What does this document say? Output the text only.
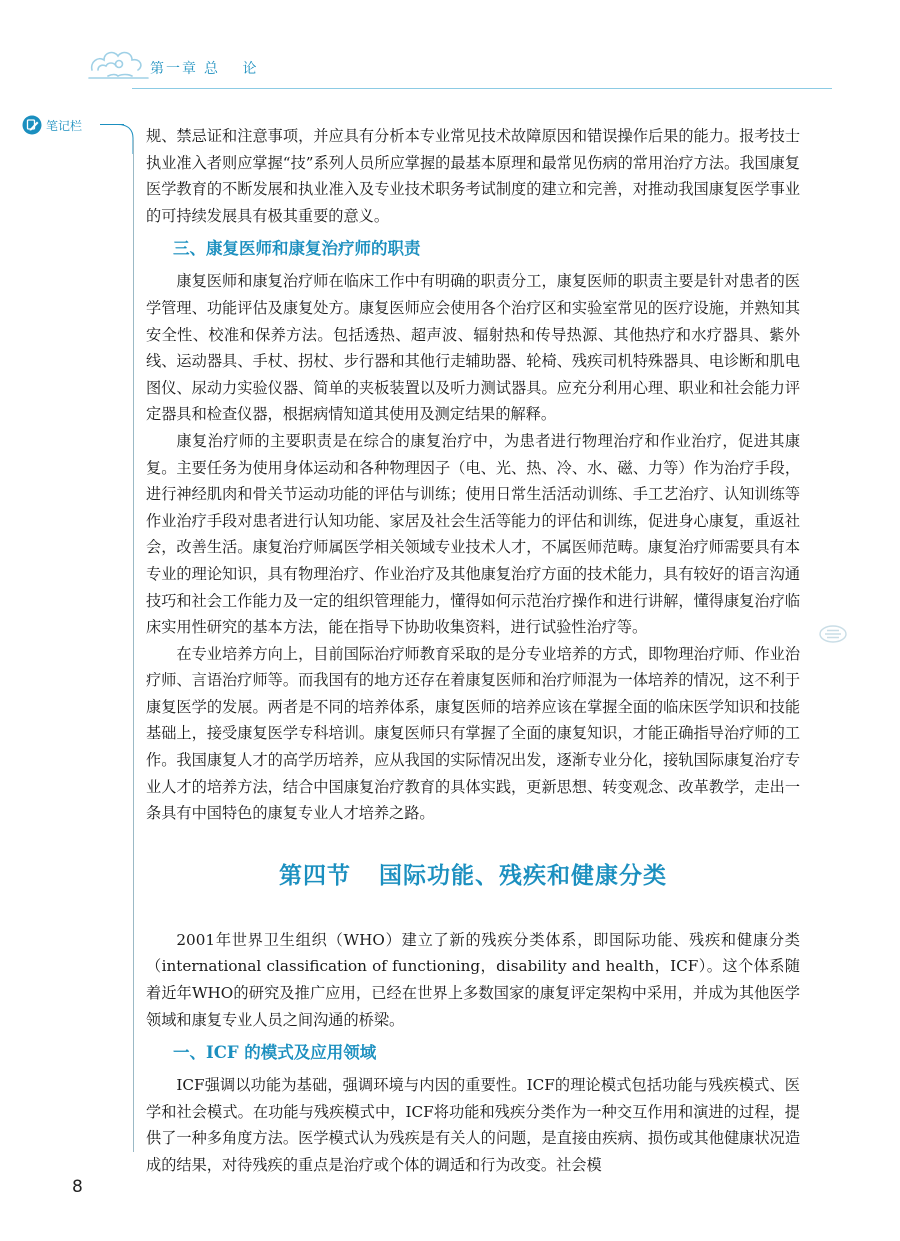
第一章 总 论
笔记栏

规、禁忌证和注意事项，并应具有分析本专业常见技术故障原因和错误操作后果的能力。报考技士执业准入者则应掌握“技”系列人员所应掌握的最基本原理和最常见伤病的常用治疗方法。我国康复医学教育的不断发展和执业准入及专业技术职务考试制度的建立和完善，对推动我国康复医学事业的可持续发展具有极其重要的意义。

三、康复医师和康复治疗师的职责

康复医师和康复治疗师在临床工作中有明确的职责分工，康复医师的职责主要是针对患者的医学管理、功能评估及康复处方。康复医师应会使用各个治疗区和实验室常见的医疗设施，并熟知其安全性、校准和保养方法。包括透热、超声波、辐射热和传导热源、其他热疗和水疗器具、紫外线、运动器具、手杖、拐杖、步行器和其他行走辅助器、轮椅、残疾司机特殊器具、电诊断和肌电图仪、尿动力实验仪器、简单的夹板装置以及听力测试器具。应充分利用心理、职业和社会能力评定器具和检查仪器，根据病情知道其使用及测定结果的解释。

康复治疗师的主要职责是在综合的康复治疗中，为患者进行物理治疗和作业治疗，促进其康复。主要任务为使用身体运动和各种物理因子（电、光、热、冷、水、磁、力等）作为治疗手段，进行神经肌肉和骨关节运动功能的评估与训练；使用日常生活活动训练、手工艺治疗、认知训练等作业治疗手段对患者进行认知功能、家居及社会生活等能力的评估和训练，促进身心康复，重返社会，改善生活。康复治疗师属医学相关领域专业技术人才，不属医师范畴。康复治疗师需要具有本专业的理论知识，具有物理治疗、作业治疗及其他康复治疗方面的技术能力，具有较好的语言沟通技巧和社会工作能力及一定的组织管理能力，懂得如何示范治疗操作和进行讲解，懂得康复治疗临床实用性研究的基本方法，能在指导下协助收集资料，进行试验性治疗等。

在专业培养方向上，目前国际治疗师教育采取的是分专业培养的方式，即物理治疗师、作业治疗师、言语治疗师等。而我国有的地方还存在着康复医师和治疗师混为一体培养的情况，这不利于康复医学的发展。两者是不同的培养体系，康复医师的培养应该在掌握全面的临床医学知识和技能基础上，接受康复医学专科培训。康复医师只有掌握了全面的康复知识，才能正确指导治疗师的工作。我国康复人才的高学历培养，应从我国的实际情况出发，逐渐专业分化，接轨国际康复治疗专业人才的培养方法，结合中国康复治疗教育的具体实践，更新思想、转变观念、改革教学，走出一条具有中国特色的康复专业人才培养之路。

第四节 国际功能、残疾和健康分类

2001年世界卫生组织（WHO）建立了新的残疾分类体系，即国际功能、残疾和健康分类（international classification of functioning，disability and health，ICF）。这个体系随着近年WHO的研究及推广应用，已经在世界上多数国家的康复评定架构中采用，并成为其他医学领域和康复专业人员之间沟通的桥梁。

一、ICF 的模式及应用领域

ICF强调以功能为基础，强调环境与内因的重要性。ICF的理论模式包括功能与残疾模式、医学和社会模式。在功能与残疾模式中，ICF将功能和残疾分类作为一种交互作用和演进的过程，提供了一种多角度方法。医学模式认为残疾是有关人的问题，是直接由疾病、损伤或其他健康状况造成的结果，对待残疾的重点是治疗或个体的调适和行为改变。社会模

8
